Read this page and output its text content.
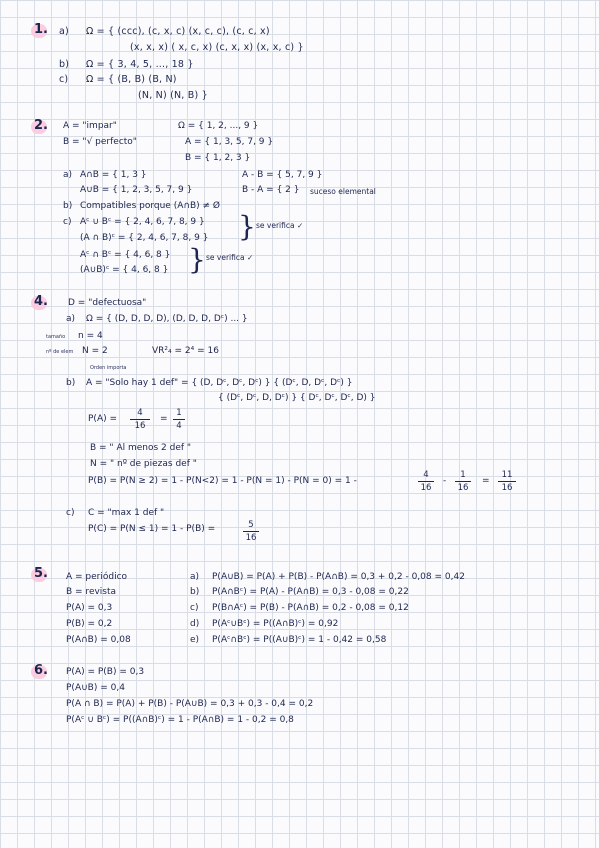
1. a) Ω = { (ccc), (c, x, c) (x, c, c), (c, c, x)
(x, x, x) ( x, c, x) (c, x, x) (x, x, c) }
b) Ω = { 3, 4, 5, ..., 18 }
c) Ω = { (B, B) (B, N)
(N, N) (N, B) }
2. A = "impar"
B = "√ perfecto"
Ω = { 1, 2, ..., 9 }
A = { 1, 3, 5, 7, 9 }
B = { 1, 2, 3 }
a) A∩B = { 1, 3 }
A∪B = { 1, 2, 3, 5, 7, 9 }
A - B = { 5, 7, 9 }
B - A = { 2 } suceso elemental
b) Compatibles porque (A∩B) ≠ Ø
c) Aᶜ ∪ Bᶜ = { 2, 4, 6, 7, 8, 9 }
(A ∩ B)ᶜ = { 2, 4, 6, 7, 8, 9 } } se verifica ✓
Aᶜ ∩ Bᶜ = { 4, 6, 8 }
(A∪B)ᶜ = { 4, 6, 8 } } se verifica ✓
4. D = "defectuosa"
a) Ω = { (D, D, D, D), (D, D, D, Dᶜ) ... }
tamaño n = 4
nº de elem N = 2	VR²₄ = 2⁴ = 16
Orden importa
b) A = "Solo hay 1 def" = { (D, Dᶜ, Dᶜ, Dᶜ) } { (Dᶜ, D, Dᶜ, Dᶜ) }
{ (Dᶜ, Dᶜ, D, Dᶜ) } { Dᶜ, Dᶜ, Dᶜ, D) }
P(A) =
4
16
=
1
4
B = " Al menos 2 def "
N = " nº de piezas def "
P(B) = P(N ≥ 2) = 1 - P(N<2) = 1 - P(N = 1) - P(N = 0) = 1 -
4
16
-
1
16
=
11
16
c) C = "max 1 def "
P(C) = P(N ≤ 1) = 1 - P(B) =	5
16
5. A = periódico
B = revista
P(A) = 0,3
P(B) = 0,2
P(A∩B) = 0,08
a) P(A∪B) = P(A) + P(B) - P(A∩B) = 0,3 + 0,2 - 0,08 = 0,42
b) P(A∩Bᶜ) = P(A) - P(A∩B) = 0,3 - 0,08 = 0,22
c) P(B∩Aᶜ) = P(B) - P(A∩B) = 0,2 - 0,08 = 0,12
d) P(Aᶜ∪Bᶜ) = P((A∩B)ᶜ) = 0,92
e) P(Aᶜ∩Bᶜ) = P((A∪B)ᶜ) = 1 - 0,42 = 0,58
6. P(A) = P(B) = 0,3
P(A∪B) = 0,4
P(A ∩ B) = P(A) + P(B) - P(A∪B) = 0,3 + 0,3 - 0,4 = 0,2
P(Aᶜ ∪ Bᶜ) = P((A∩B)ᶜ) = 1 - P(A∩B) = 1 - 0,2 = 0,8
